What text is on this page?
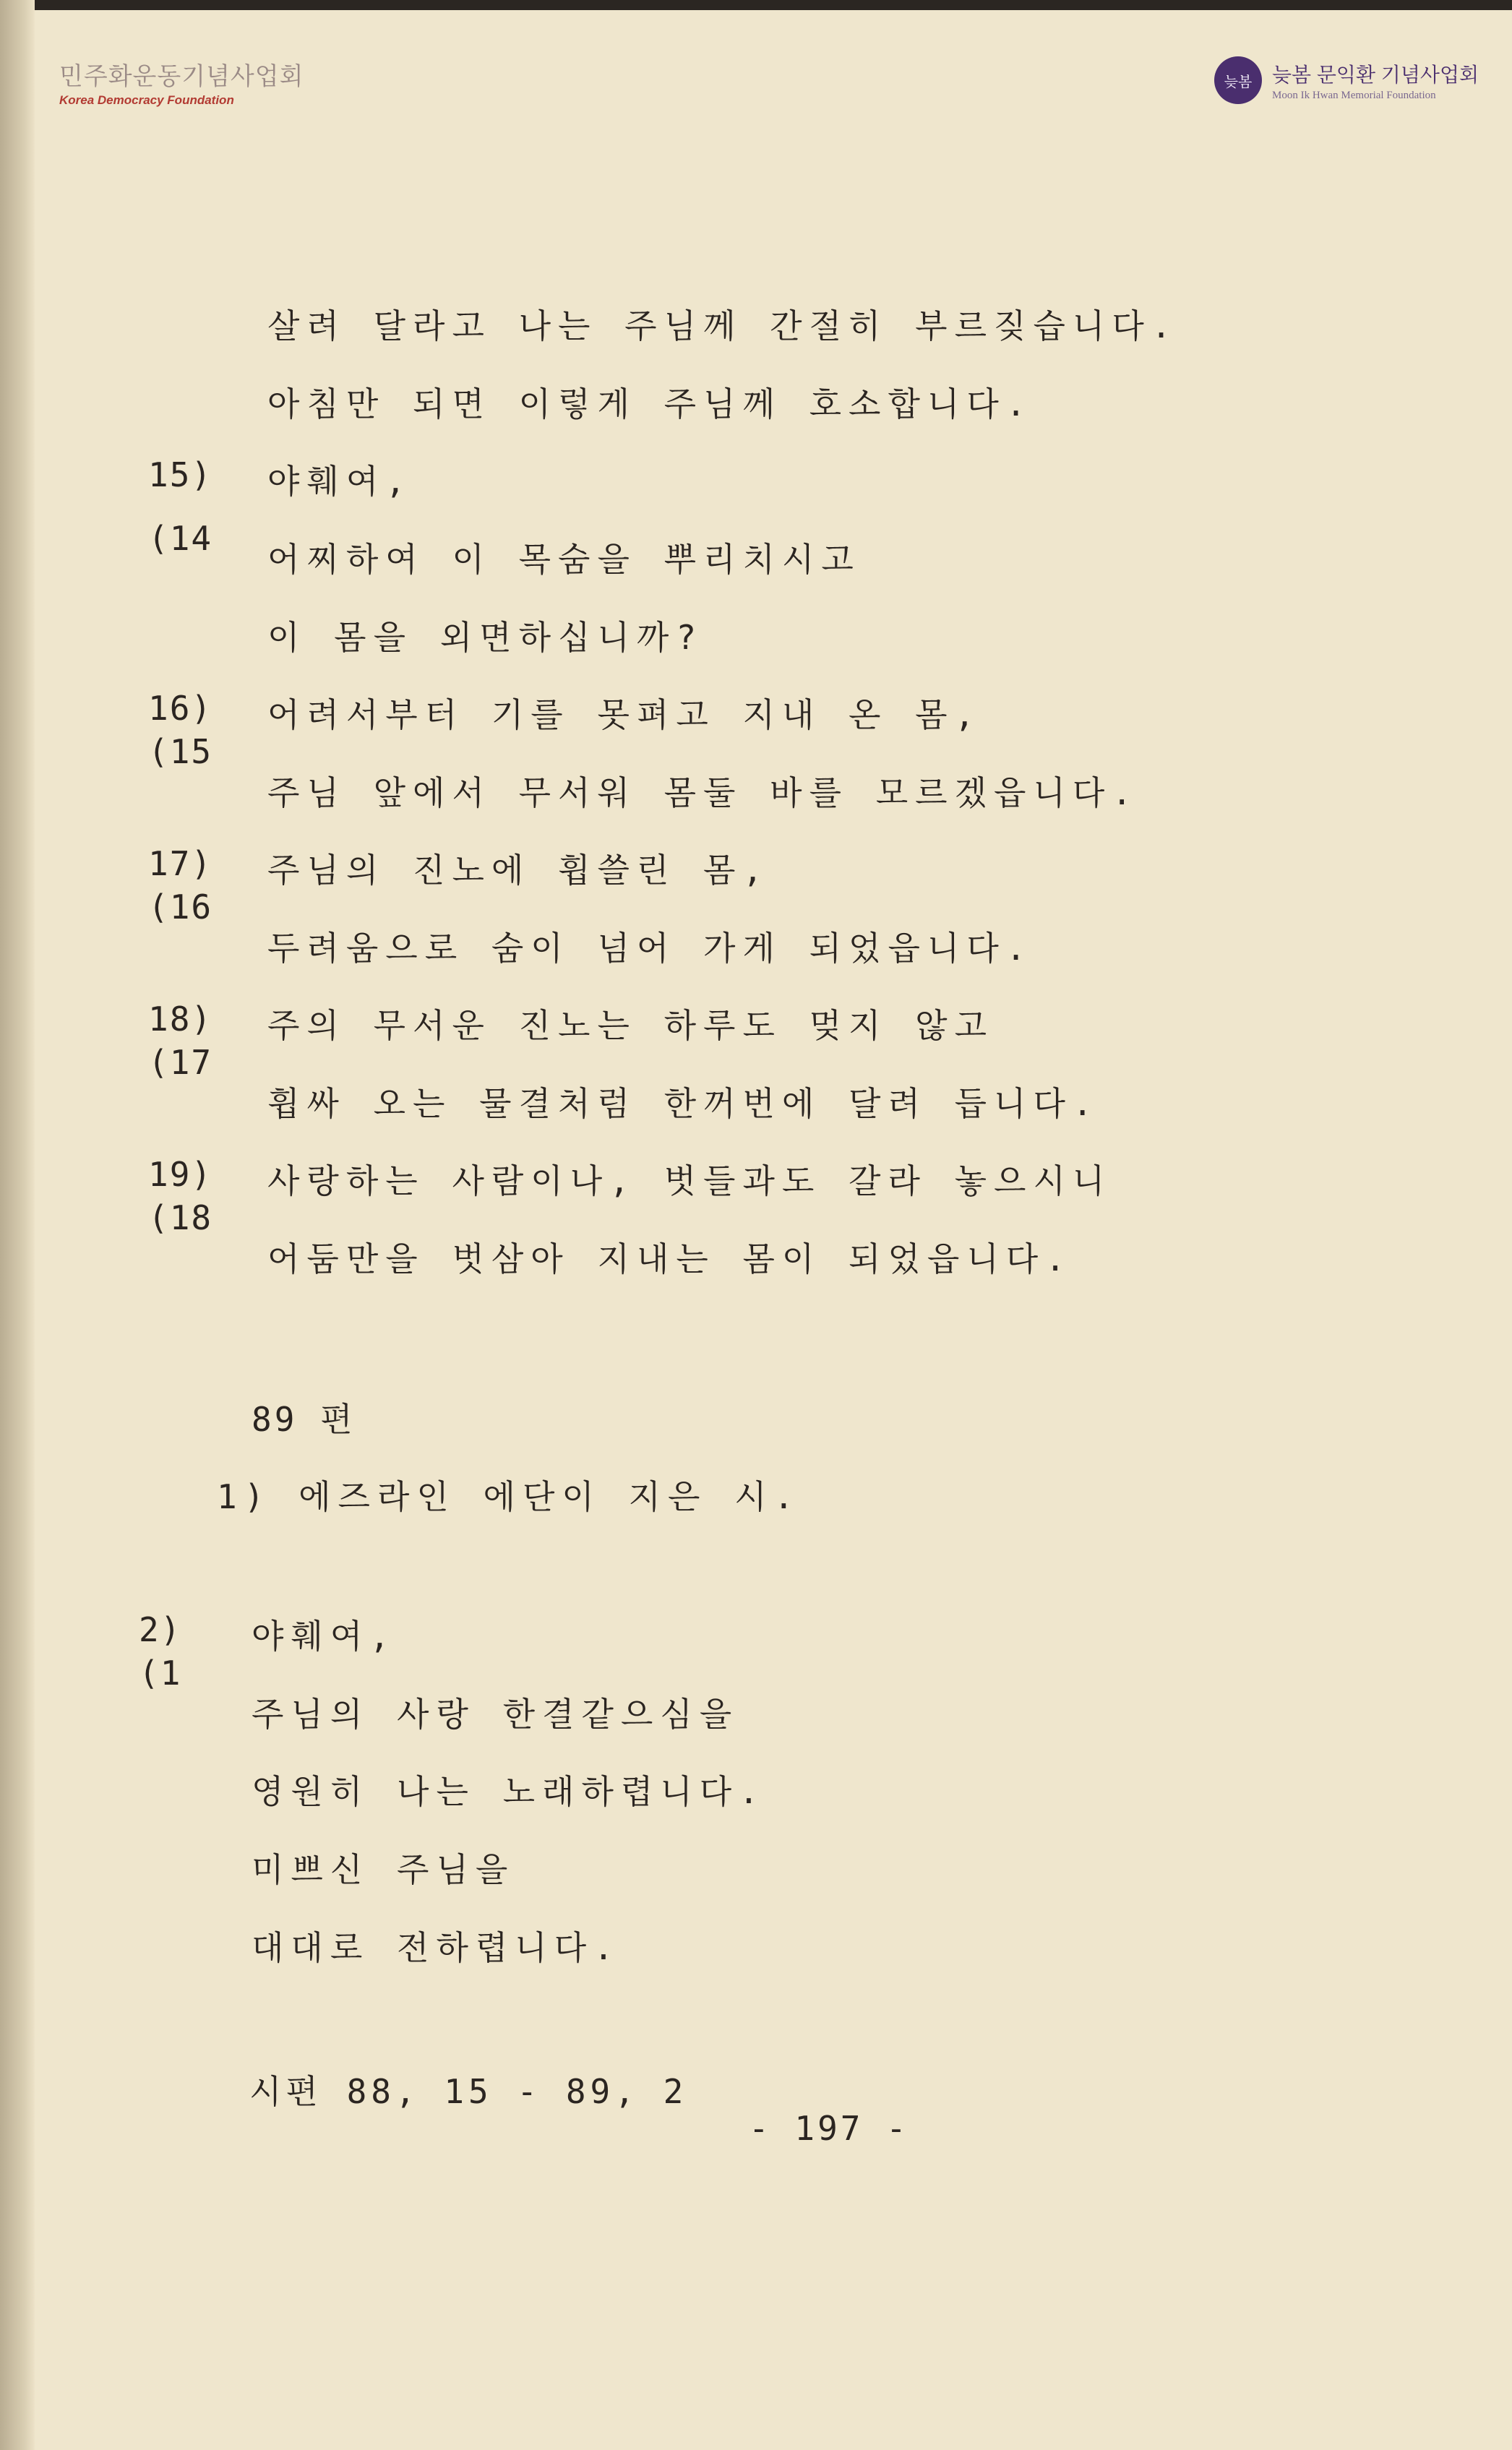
민주화운동기념사업회
Korea Democracy Foundation
늦봄 늦봄 문익환 기념사업회
Moon Ik Hwan Memorial Foundation
살려 달라고 나는 주님께 간절히 부르짖습니다.
아침만 되면 이렇게 주님께 호소합니다.
15) 야훼여,
(14
어찌하여 이 목숨을 뿌리치시고
이 몸을 외면하십니까?
16) 어려서부터 기를 못펴고 지내 온 몸,
(15
주님 앞에서 무서워 몸둘 바를 모르겠읍니다.
17) 주님의 진노에 휩쓸린 몸,
(16
두려움으로 숨이 넘어 가게 되었읍니다.
18) 주의 무서운 진노는 하루도 멎지 않고
(17
휩싸 오는 물결처럼 한꺼번에 달려 듭니다.
19) 사랑하는 사람이나, 벗들과도 갈라 놓으시니
(18
어둠만을 벗삼아 지내는 몸이 되었읍니다.
89 편
1) 에즈라인 에단이 지은 시.
2) 야훼여,
(1
주님의 사랑 한결같으심을
영원히 나는 노래하렵니다.
미쁘신 주님을
대대로 전하렵니다.
시편 88, 15 - 89, 2
- 197 -
